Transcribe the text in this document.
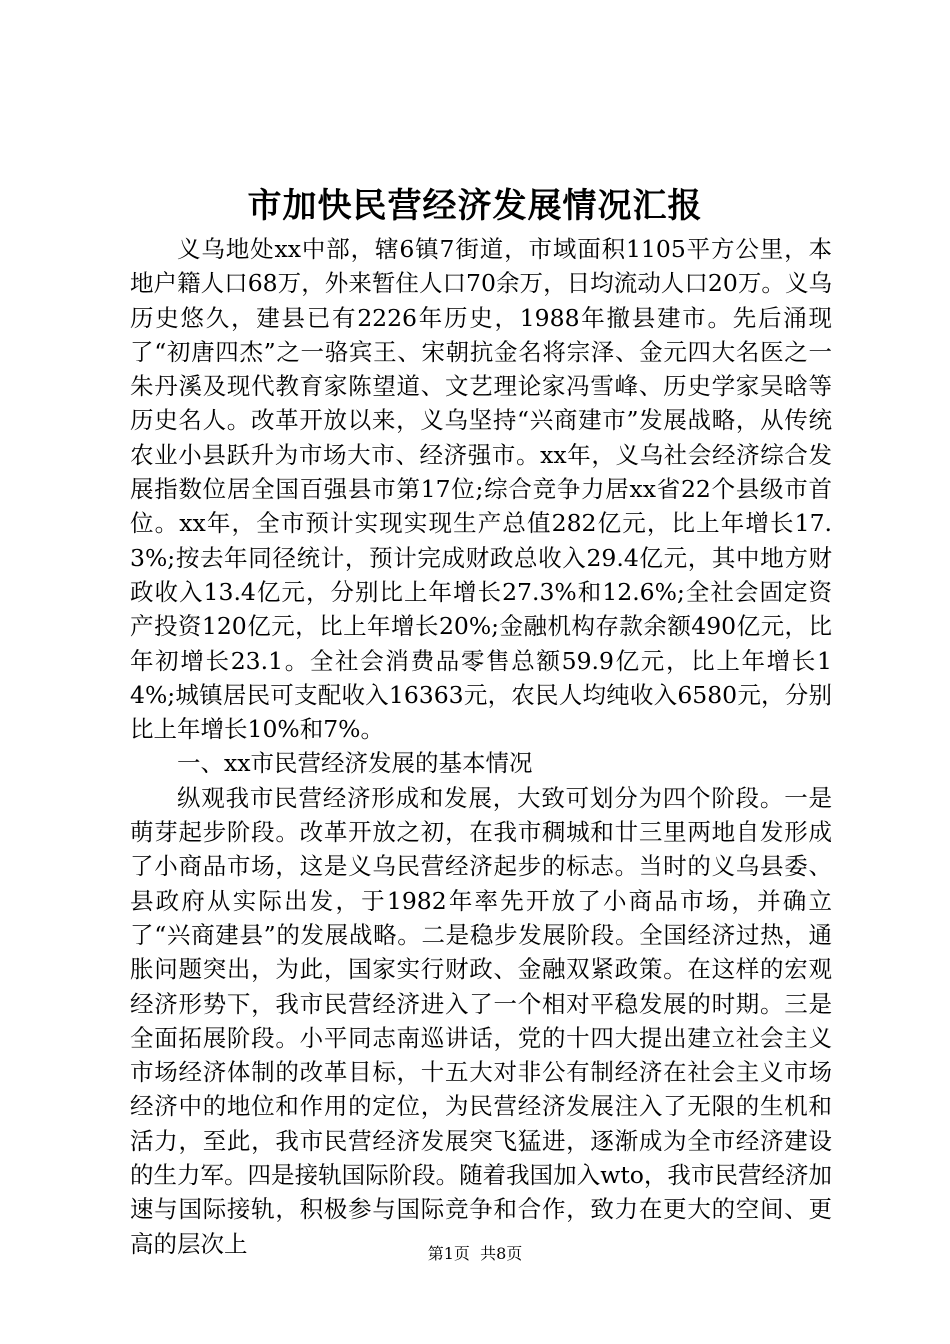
市加快民营经济发展情况汇报

义乌地处xx中部，辖6镇7街道，市域面积1105平方公里，本地户籍人口68万，外来暂住人口70余万，日均流动人口20万。义乌历史悠久，建县已有2226年历史，1988年撤县建市。先后涌现了“初唐四杰”之一骆宾王、宋朝抗金名将宗泽、金元四大名医之一朱丹溪及现代教育家陈望道、文艺理论家冯雪峰、历史学家吴晗等历史名人。改革开放以来，义乌坚持“兴商建市”发展战略，从传统农业小县跃升为市场大市、经济强市。xx年，义乌社会经济综合发展指数位居全国百强县市第17位;综合竞争力居xx省22个县级市首位。xx年，全市预计实现实现生产总值282亿元，比上年增长17.3%;按去年同径统计，预计完成财政总收入29.4亿元，其中地方财政收入13.4亿元，分别比上年增长27.3%和12.6%;全社会固定资产投资120亿元，比上年增长20%;金融机构存款余额490亿元，比年初增长23.1。全社会消费品零售总额59.9亿元，比上年增长14%;城镇居民可支配收入16363元，农民人均纯收入6580元，分别比上年增长10%和7%。

一、xx市民营经济发展的基本情况

纵观我市民营经济形成和发展，大致可划分为四个阶段。一是萌芽起步阶段。改革开放之初，在我市稠城和廿三里两地自发形成了小商品市场，这是义乌民营经济起步的标志。当时的义乌县委、县政府从实际出发，于1982年率先开放了小商品市场，并确立了“兴商建县”的发展战略。二是稳步发展阶段。全国经济过热，通胀问题突出，为此，国家实行财政、金融双紧政策。在这样的宏观经济形势下，我市民营经济进入了一个相对平稳发展的时期。三是全面拓展阶段。小平同志南巡讲话，党的十四大提出建立社会主义市场经济体制的改革目标，十五大对非公有制经济在社会主义市场经济中的地位和作用的定位，为民营经济发展注入了无限的生机和活力，至此，我市民营经济发展突飞猛进，逐渐成为全市经济建设的生力军。四是接轨国际阶段。随着我国加入wto，我市民营经济加速与国际接轨，积极参与国际竞争和合作，致力在更大的空间、更高的层次上	第1页 共8页
